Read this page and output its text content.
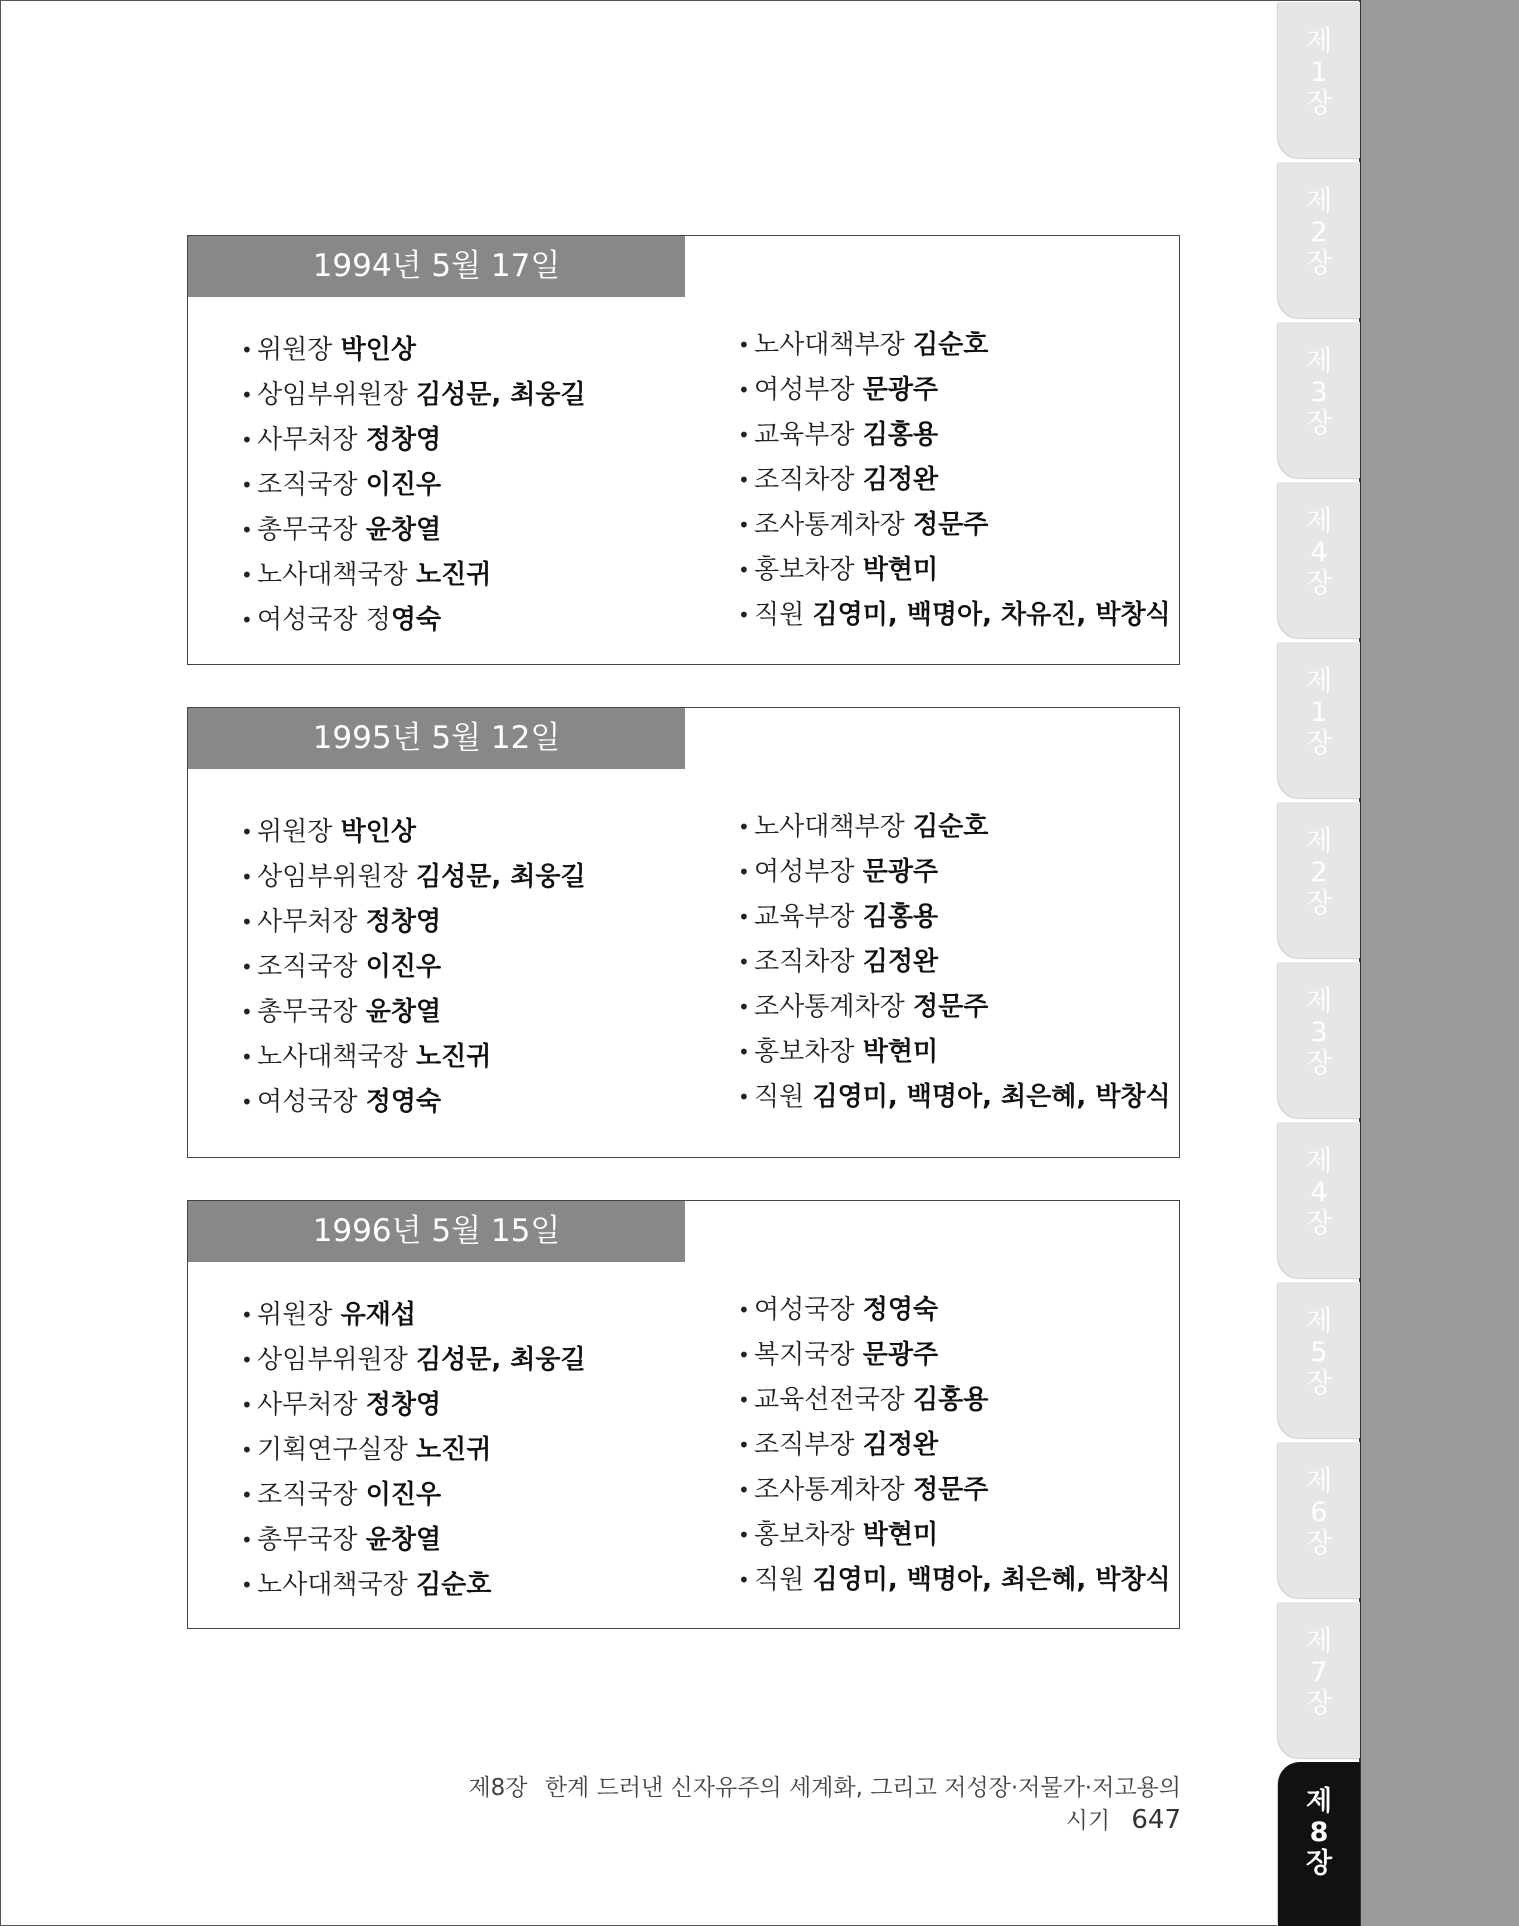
1994년 5월 17일
• 위원장 박인상
• 상임부위원장 김성문, 최웅길
• 사무처장 정창영
• 조직국장 이진우
• 총무국장 윤창열
• 노사대책국장 노진귀
• 여성국장 정영숙
• 노사대책부장 김순호
• 여성부장 문광주
• 교육부장 김홍용
• 조직차장 김정완
• 조사통계차장 정문주
• 홍보차장 박현미
• 직원 김영미, 백명아, 차유진, 박창식
1995년 5월 12일
• 위원장 박인상
• 상임부위원장 김성문, 최웅길
• 사무처장 정창영
• 조직국장 이진우
• 총무국장 윤창열
• 노사대책국장 노진귀
• 여성국장 정영숙
• 노사대책부장 김순호
• 여성부장 문광주
• 교육부장 김홍용
• 조직차장 김정완
• 조사통계차장 정문주
• 홍보차장 박현미
• 직원 김영미, 백명아, 최은혜, 박창식
1996년 5월 15일
• 위원장 유재섭
• 상임부위원장 김성문, 최웅길
• 사무처장 정창영
• 기획연구실장 노진귀
• 조직국장 이진우
• 총무국장 윤창열
• 노사대책국장 김순호
• 여성국장 정영숙
• 복지국장 문광주
• 교육선전국장 김홍용
• 조직부장 김정완
• 조사통계차장 정문주
• 홍보차장 박현미
• 직원 김영미, 백명아, 최은혜, 박창식
제8장 한계 드러낸 신자유주의 세계화, 그리고 저성장·저물가·저고용의 시기 647
제
1
장
제
2
장
제
3
장
제
4
장
제
1
장
제
2
장
제
3
장
제
4
장
제
5
장
제
6
장
제
7
장
제
8
장
